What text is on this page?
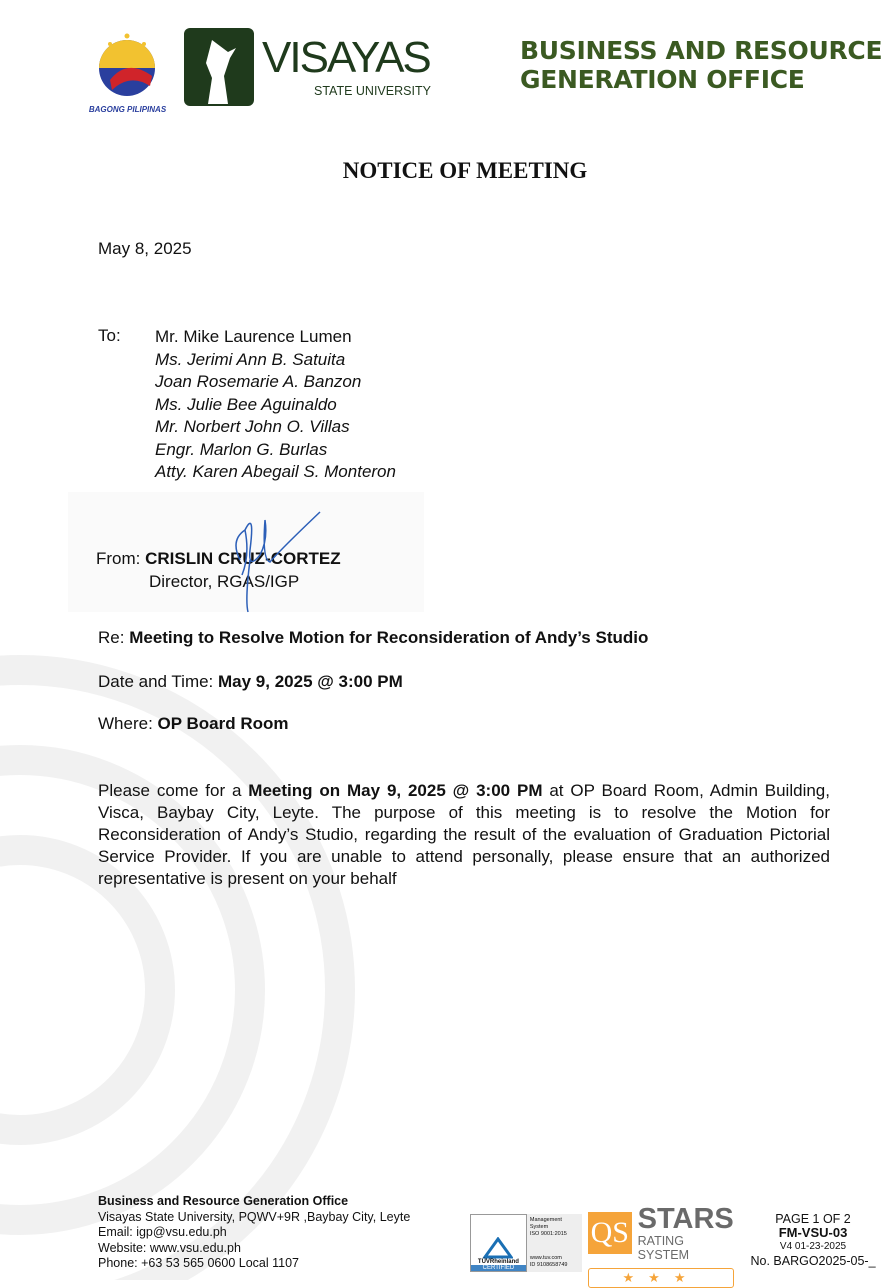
BAGONG PILIPINAS
VISAYAS
STATE UNIVERSITY
BUSINESS AND RESOURCE
GENERATION OFFICE
NOTICE OF MEETING
May 8, 2025
To: Mr. Mike Laurence Lumen
Ms. Jerimi Ann B. Satuita
Joan Rosemarie A. Banzon
Ms. Julie Bee Aguinaldo
Mr. Norbert John O. Villas
Engr. Marlon G. Burlas
Atty. Karen Abegail S. Monteron
From: CRISLIN CRUZ-CORTEZ
Director, RGAS/IGP
Re: Meeting to Resolve Motion for Reconsideration of Andy’s Studio
Date and Time: May 9, 2025 @ 3:00 PM
Where: OP Board Room
Please come for a Meeting on May 9, 2025 @ 3:00 PM at OP Board Room, Admin Building, Visca, Baybay City, Leyte. The purpose of this meeting is to resolve the Motion for Reconsideration of Andy’s Studio, regarding the result of the evaluation of Graduation Pictorial Service Provider. If you are unable to attend personally, please ensure that an authorized representative is present on your behalf
Business and Resource Generation Office
Visayas State University, PQWV+9R ,Baybay City, Leyte
Email: igp@vsu.edu.ph
Website: www.vsu.edu.ph
Phone: +63 53 565 0600 Local 1107	TÜVRheinland
CERTIFIED
Management System
ISO 9001:2015
www.tuv.com
ID 9108658749
QS STARS
RATING SYSTEM
★★★
PAGE 1 OF 2
FM-VSU-03
V4 01-23-2025
No. BARGO2025-05-_
